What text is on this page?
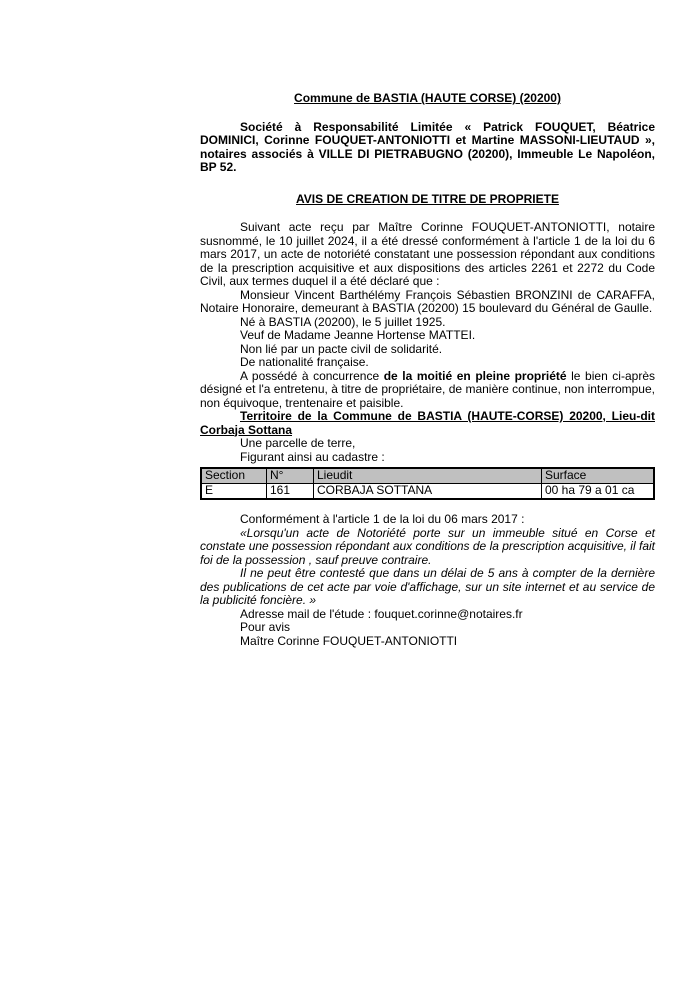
Commune de BASTIA (HAUTE CORSE) (20200)

Société à Responsabilité Limitée « Patrick FOUQUET, Béatrice DOMINICI, Corinne FOUQUET-ANTONIOTTI et Martine MASSONI-LIEUTAUD », notaires associés à VILLE DI PIETRABUGNO (20200), Immeuble Le Napoléon, BP 52.

AVIS DE CREATION DE TITRE DE PROPRIETE

Suivant acte reçu par Maître Corinne FOUQUET-ANTONIOTTI, notaire susnommé, le 10 juillet 2024, il a été dressé conformément à l'article 1 de la loi du 6 mars 2017, un acte de notoriété constatant une possession répondant aux conditions de la prescription acquisitive et aux dispositions des articles 2261 et 2272 du Code Civil, aux termes duquel il a été déclaré que :

Monsieur Vincent Barthélémy François Sébastien BRONZINI de CARAFFA, Notaire Honoraire, demeurant à BASTIA (20200) 15 boulevard du Général de Gaulle.

Né à BASTIA (20200), le 5 juillet 1925.

Veuf de Madame Jeanne Hortense MATTEI.

Non lié par un pacte civil de solidarité.

De nationalité française.

A possédé à concurrence de la moitié en pleine propriété le bien ci-après désigné et l'a entretenu, à titre de propriétaire, de manière continue, non interrompue, non équivoque, trentenaire et paisible.

Territoire de la Commune de BASTIA (HAUTE-CORSE) 20200, Lieu-dit Corbaja Sottana

Une parcelle de terre,

Figurant ainsi au cadastre :

Section	N°	Lieudit	Surface
E	161	CORBAJA SOTTANA	00 ha 79 a 01 ca

Conformément à l'article 1 de la loi du 06 mars 2017 :

«Lorsqu'un acte de Notoriété porte sur un immeuble situé en Corse et constate une possession répondant aux conditions de la prescription acquisitive, il fait foi de la possession , sauf preuve contraire.

Il ne peut être contesté que dans un délai de 5 ans à compter de la dernière des publications de cet acte par voie d'affichage, sur un site internet et au service de la publicité foncière. »

Adresse mail de l'étude : fouquet.corinne@notaires.fr

Pour avis

Maître Corinne FOUQUET-ANTONIOTTI
